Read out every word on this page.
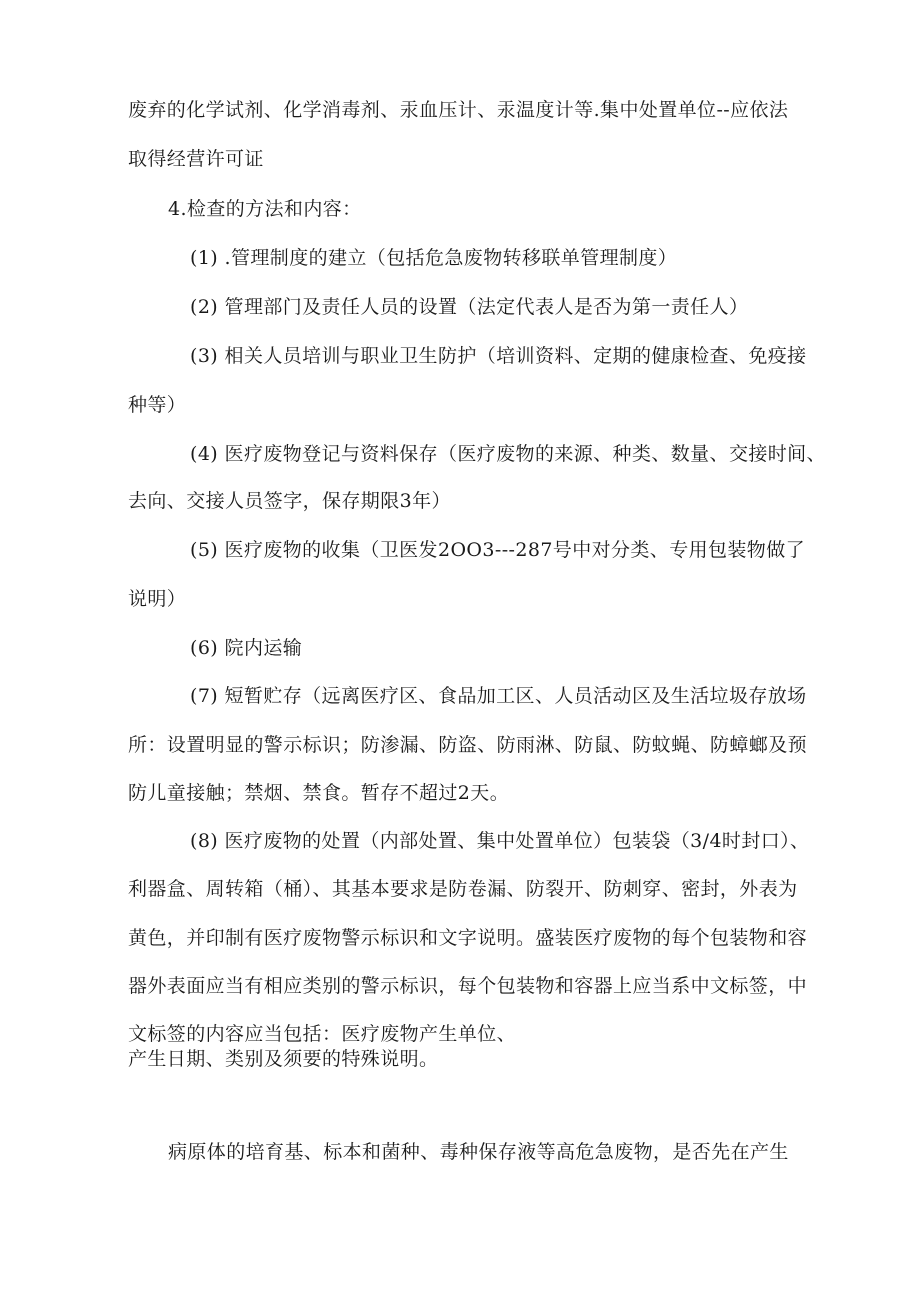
废弃的化学试剂、化学消毒剂、汞血压计、汞温度计等.集中处置单位--应依法
取得经营许可证
4.检查的方法和内容：
(1) .管理制度的建立（包括危急废物转移联单管理制度）
(2) 管理部门及责任人员的设置（法定代表人是否为第一责任人）
(3) 相关人员培训与职业卫生防护（培训资料、定期的健康检查、免疫接
种等）
(4) 医疗废物登记与资料保存（医疗废物的来源、种类、数量、交接时间、
去向、交接人员签字，保存期限3年）
(5) 医疗废物的收集（卫医发2OO3---287号中对分类、专用包装物做了
说明）
(6) 院内运输
(7) 短暂贮存（远离医疗区、食品加工区、人员活动区及生活垃圾存放场
所：设置明显的警示标识；防渗漏、防盗、防雨淋、防鼠、防蚊蝇、防蟑螂及预
防儿童接触；禁烟、禁食。暂存不超过2天。
(8) 医疗废物的处置（内部处置、集中处置单位）包装袋（3/4时封口）、
利器盒、周转箱（桶）、其基本要求是防卷漏、防裂开、防刺穿、密封，外表为
黄色，并印制有医疗废物警示标识和文字说明。盛装医疗废物的每个包装物和容
器外表面应当有相应类别的警示标识，每个包装物和容器上应当系中文标签，中
文标签的内容应当包括：医疗废物产生单位、
产生日期、类别及须要的特殊说明。
病原体的培育基、标本和菌种、毒种保存液等高危急废物，是否先在产生
